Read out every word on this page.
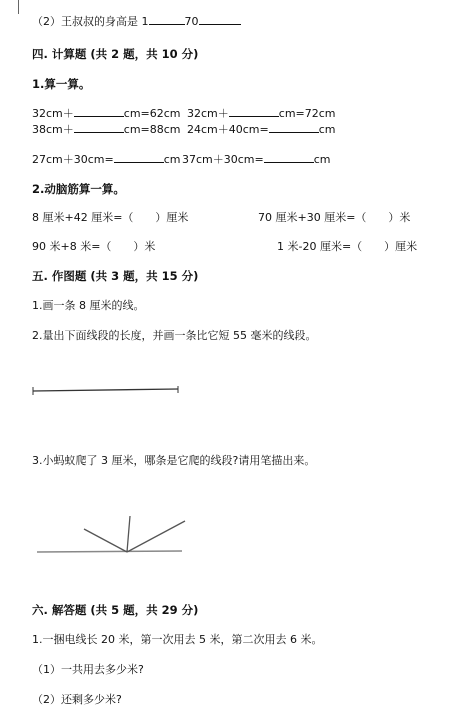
（2）王叔叔的身高是 1	70
四. 计算题 (共 2 题，共 10 分)
1.算一算。
32cm＋	cm=62cm 32cm＋	cm=72cm
38cm＋	cm=88cm 24cm＋40cm=	cm
27cm＋30cm=	cm 37cm＋30cm=	cm
2.动脑筋算一算。
8 厘米+42 厘米=（　　）厘米	70 厘米+30 厘米=（　　）米
90 米+8 米=（　　）米	1 米-20 厘米=（　　）厘米
五. 作图题 (共 3 题，共 15 分)
1.画一条 8 厘米的线。
2.量出下面线段的长度，并画一条比它短 55 毫米的线段。
3.小蚂蚁爬了 3 厘米，哪条是它爬的线段?请用笔描出来。
六. 解答题 (共 5 题，共 29 分)
1.一捆电线长 20 米，第一次用去 5 米，第二次用去 6 米。
（1）一共用去多少米?
（2）还剩多少米?
